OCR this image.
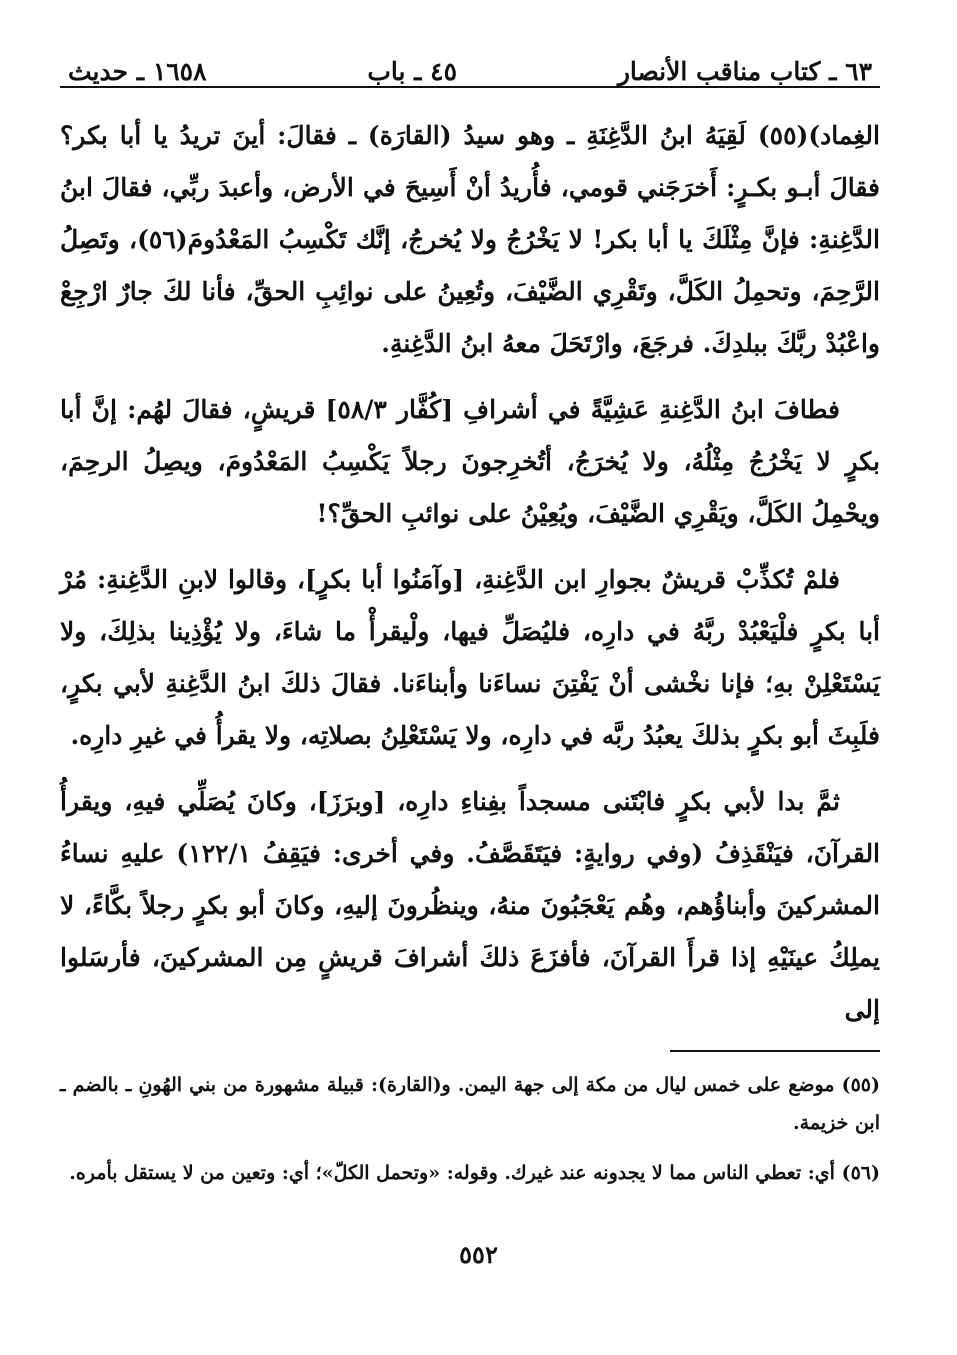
٦٣ ـ كتاب مناقب الأنصار
٤٥ ـ باب
١٦٥٨ ـ حديث

الغِماد)(٥٥) لَقِيَهُ ابنُ الدَّغِنَةِ ـ وهو سيدُ (القارَة) ـ فقالَ: أينَ تريدُ يا أبا بكر؟ فقالَ أبـو بكـرٍ: أَخرَجَني قومي، فأُريدُ أنْ أَسِيحَ في الأرض، وأعبدَ ربِّي، فقالَ ابنُ الدَّغِنةِ: فإنَّ مِثْلَكَ يا أبا بكر! لا يَخْرُجُ ولا يُخرجُ، إنَّك تَكْسِبُ المَعْدُومَ(٥٦)، وتَصِلُ الرَّحِمَ، وتحمِلُ الكَلَّ، وتَقْرِي الضَّيْفَ، وتُعِينُ على نوائِبِ الحقِّ، فأنا لكَ جارٌ ارْجِعْ واعْبُدْ ربَّكَ ببلدِكَ. فرجَعَ، وارْتَحَلَ معهُ ابنُ الدَّغِنةِ.

فطافَ ابنُ الدَّغِنةِ عَشِيَّةً في أشرافِ [كُفَّار ٥٨/٣] قريشٍ، فقالَ لهُم: إنَّ أبا بكرٍ لا يَخْرُجُ مِثْلُهُ، ولا يُخرَجُ، أتُخرِجونَ رجلاً يَكْسِبُ المَعْدُومَ، ويصِلُ الرحِمَ، ويحْمِلُ الكَلَّ، ويَقْرِي الضَّيْفَ، ويُعِيْنُ على نوائبِ الحقِّ؟!

فلمْ تُكذِّبْ قريشٌ بجوارِ ابن الدَّغِنةِ، [وآمَنُوا أبا بكرٍ]، وقالوا لابنِ الدَّغِنةِ: مُرْ أبا بكرٍ فلْيَعْبُدْ ربَّهُ في دارِه، فليُصَلِّ فيها، ولْيقرأْ ما شاءَ، ولا يُؤْذِينا بذلِكَ، ولا يَسْتَعْلِنْ بهِ؛ فإنا نخْشى أنْ يَفْتِنَ نساءَنا وأبناءَنا. فقالَ ذلكَ ابنُ الدَّغِنةِ لأبي بكرٍ، فلَبِثَ أبو بكرٍ بذلكَ يعبُدُ ربَّه في دارِه، ولا يَسْتَعْلِنُ بصلاتِه، ولا يقرأُ في غيرِ دارِه.

ثمَّ بدا لأبي بكرٍ فابْتَنى مسجداً بفِناءِ دارِه، [وبرَزَ]، وكانَ يُصَلِّي فيهِ، ويقرأُ القرآنَ، فيَنْقَذِفُ (وفي روايةٍ: فيَتَقَصَّفُ. وفي أخرى: فيَقِفُ ١٢٢/١) عليهِ نساءُ المشركينَ وأبناؤُهم، وهُم يَعْجَبُونَ منهُ، وينظُرونَ إليهِ، وكانَ أبو بكرٍ رجلاً بكَّاءً، لا يملِكُ عينَيْهِ إذا قرأَ القرآنَ، فأفزَعَ ذلكَ أشرافَ قريشٍ مِن المشركينَ، فأرسَلوا إلى

(٥٥) موضع على خمس ليال من مكة إلى جهة اليمن. و(القارة): قبيلة مشهورة من بني الهُونِ ـ بالضم ـ ابن خزيمة.

(٥٦) أي: تعطي الناس مما لا يجدونه عند غيرك. وقوله: «وتحمل الكلّ»؛ أي: وتعين من لا يستقل بأمره.

٥٥٢
